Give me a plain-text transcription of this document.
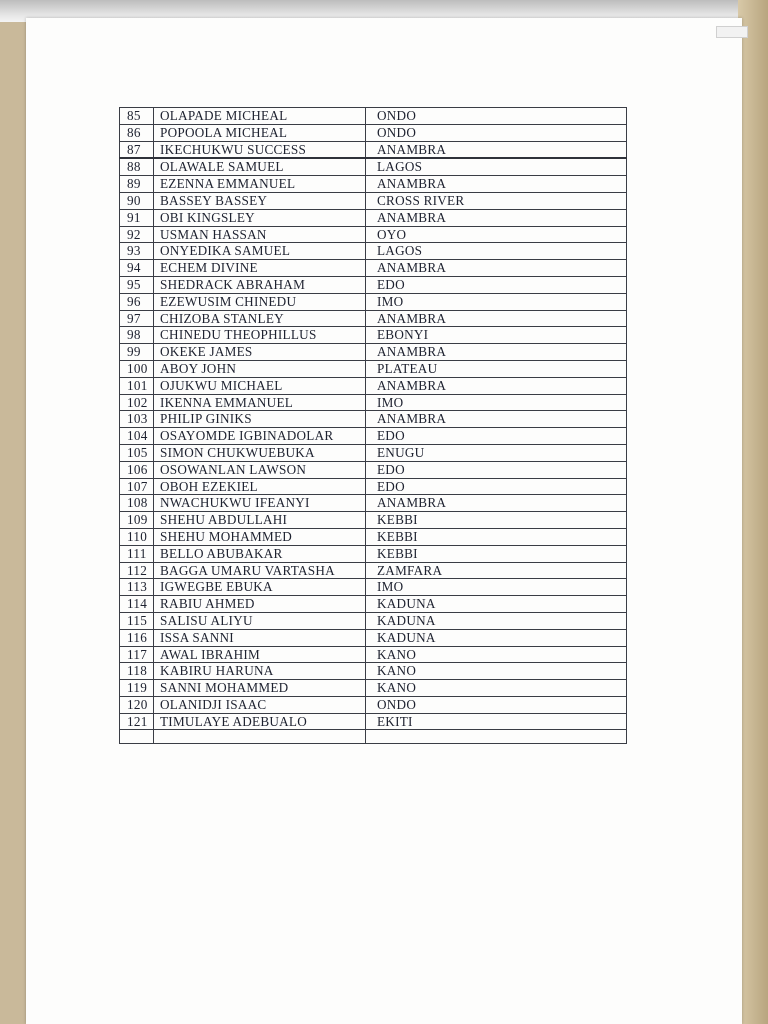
85	OLAPADE MICHEAL	ONDO
86	POPOOLA MICHEAL	ONDO
87	IKECHUKWU SUCCESS	ANAMBRA
88	OLAWALE SAMUEL	LAGOS
89	EZENNA EMMANUEL	ANAMBRA
90	BASSEY BASSEY	CROSS RIVER
91	OBI KINGSLEY	ANAMBRA
92	USMAN HASSAN	OYO
93	ONYEDIKA SAMUEL	LAGOS
94	ECHEM DIVINE	ANAMBRA
95	SHEDRACK ABRAHAM	EDO
96	EZEWUSIM CHINEDU	IMO
97	CHIZOBA STANLEY	ANAMBRA
98	CHINEDU THEOPHILLUS	EBONYI
99	OKEKE JAMES	ANAMBRA
100	ABOY JOHN	PLATEAU
101	OJUKWU MICHAEL	ANAMBRA
102	IKENNA EMMANUEL	IMO
103	PHILIP GINIKS	ANAMBRA
104	OSAYOMDE IGBINADOLAR	EDO
105	SIMON CHUKWUEBUKA	ENUGU
106	OSOWANLAN LAWSON	EDO
107	OBOH EZEKIEL	EDO
108	NWACHUKWU IFEANYI	ANAMBRA
109	SHEHU ABDULLAHI	KEBBI
110	SHEHU MOHAMMED	KEBBI
111	BELLO ABUBAKAR	KEBBI
112	BAGGA UMARU VARTASHA	ZAMFARA
113	IGWEGBE EBUKA	IMO
114	RABIU AHMED	KADUNA
115	SALISU ALIYU	KADUNA
116	ISSA SANNI	KADUNA
117	AWAL IBRAHIM	KANO
118	KABIRU HARUNA	KANO
119	SANNI MOHAMMED	KANO
120	OLANIDJI ISAAC	ONDO
121	TIMULAYE ADEBUALO	EKITI
